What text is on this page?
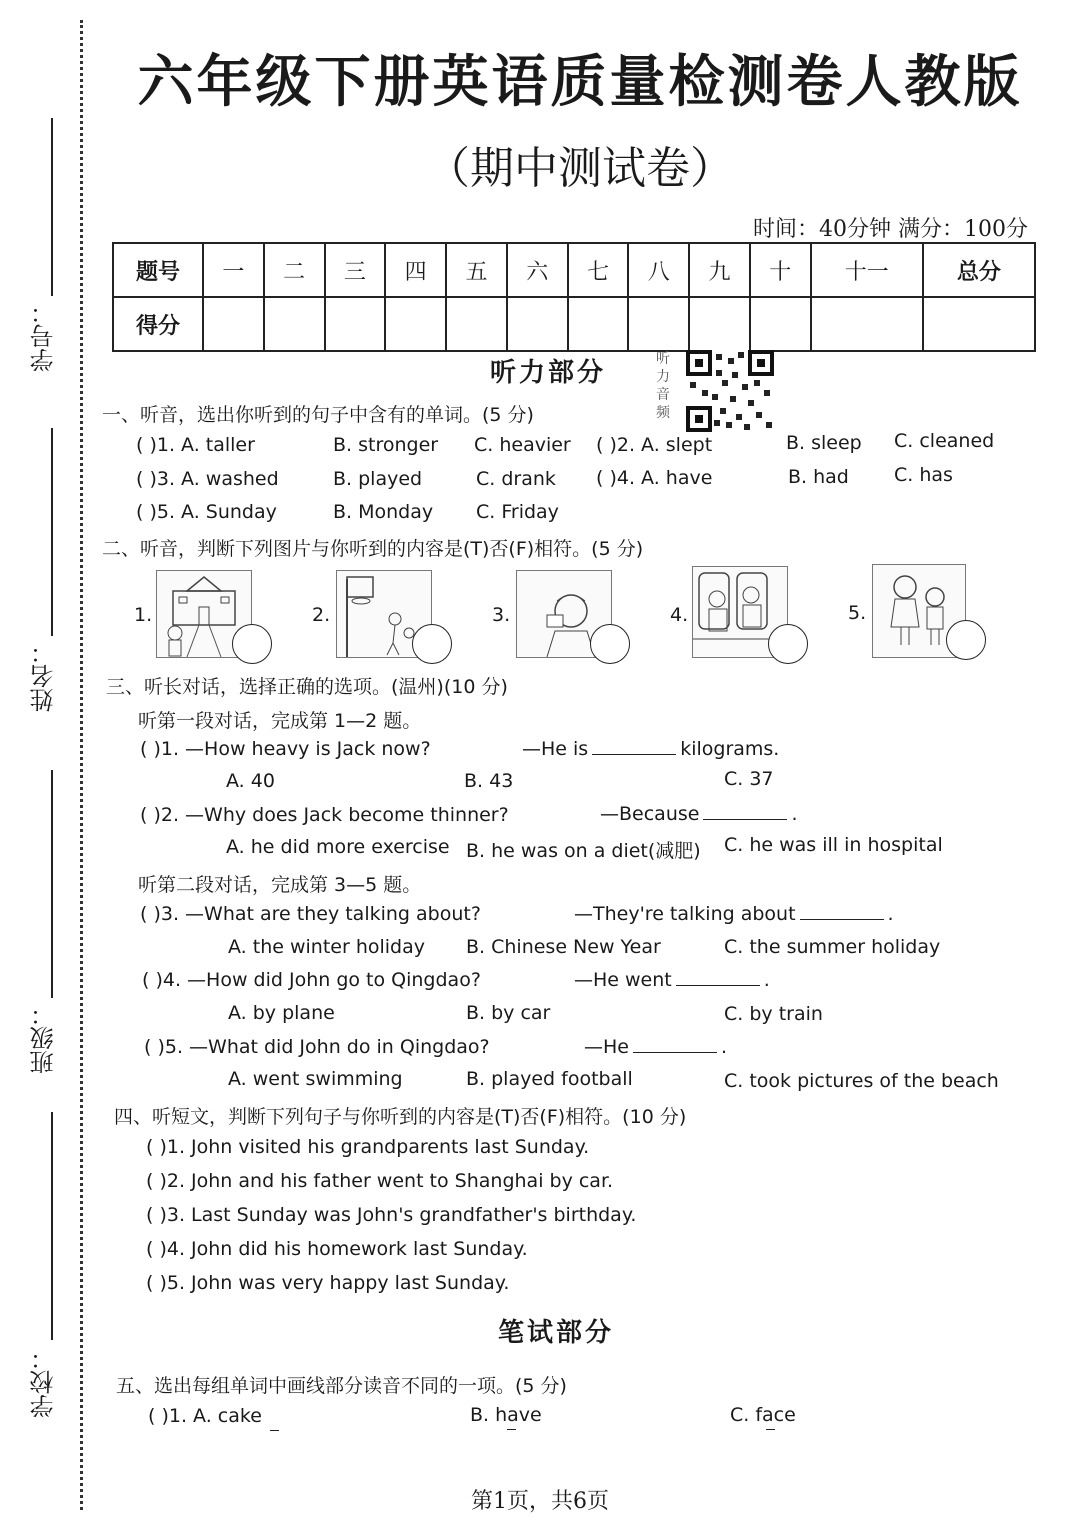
学号：
姓名：
班级：
学校：
六年级下册英语质量检测卷人教版
（期中测试卷）
时间：40分钟 满分：100分
题号	一	二	三	四	五	六	七	八	九	十	十一	总分
得分												
听力部分	听力音频
一、听音，选出你听到的句子中含有的单词。(5 分)
( )1. A. taller	B. stronger C. heavier ( )2. A. slept	B. sleep C. cleaned
( )3. A. washed	B. played	C. drank ( )4. A. have	B. had C. has
( )5. A. Sunday	B. Monday C. Friday
二、听音，判断下列图片与你听到的内容是(T)否(F)相符。(5 分)
1.	2.	3.	4.	5.
三、听长对话，选择正确的选项。(温州)(10 分)
听第一段对话，完成第 1—2 题。
( )1. —How heavy is Jack now?	—He is	kilograms.
A. 40	B. 43	C. 37
( )2. —Why does Jack become thinner?	—Because	.
A. he did more exercise B. he was on a diet(减肥) C. he was ill in hospital
听第二段对话，完成第 3—5 题。
( )3. —What are they talking about?	—They're talking about	.
A. the winter holiday B. Chinese New Year	C. the summer holiday
( )4. —How did John go to Qingdao?	—He went	.
A. by plane	B. by car	C. by train
( )5. —What did John do in Qingdao?	—He	.
A. went swimming	B. played football	C. took pictures of the beach
四、听短文，判断下列句子与你听到的内容是(T)否(F)相符。(10 分)
( )1. John visited his grandparents last Sunday.
( )2. John and his father went to Shanghai by car.
( )3. Last Sunday was John's grandfather's birthday.
( )4. John did his homework last Sunday.
( )5. John was very happy last Sunday.
笔试部分
五、选出每组单词中画线部分读音不同的一项。(5 分)
( )1. A. cake	B. have	C. face
第1页，共6页
